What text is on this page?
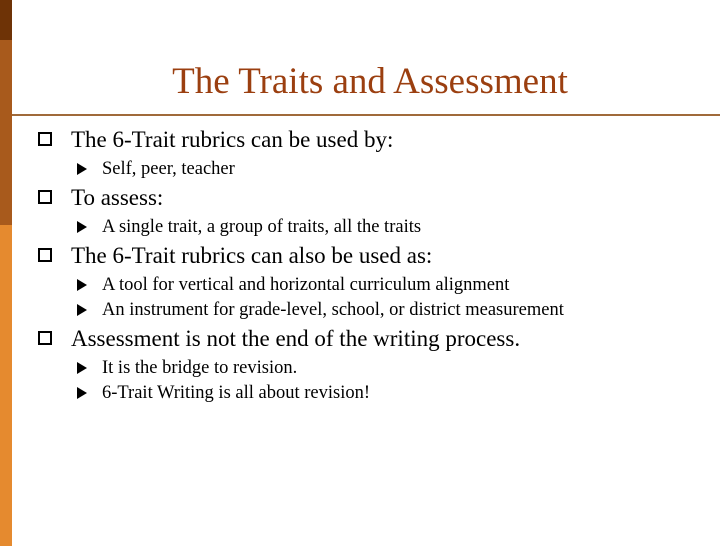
The Traits and Assessment
The 6-Trait rubrics can be used by:
Self, peer, teacher
To assess:
A single trait, a group of traits, all the traits
The 6-Trait rubrics can also be used as:
A tool for vertical and horizontal curriculum alignment
An instrument for grade-level, school, or district measurement
Assessment is not the end of the writing process.
It is the bridge to revision.
6-Trait Writing is all about revision!
